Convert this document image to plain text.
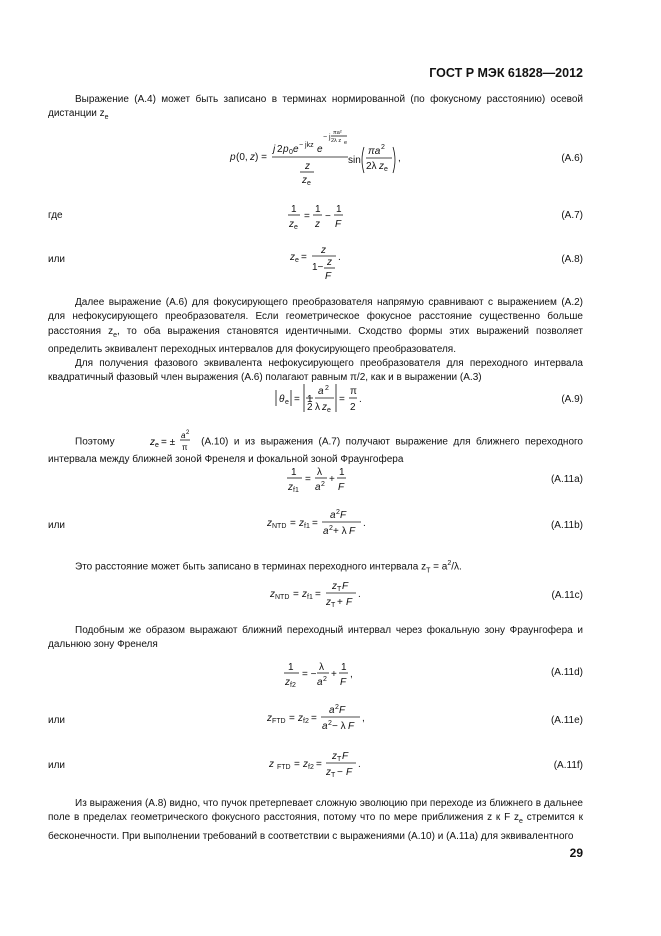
ГОСТ Р МЭК 61828—2012

Выражение (А.4) может быть записано в терминах нормированной (по фокусному расстоянию) осевой дистанции $z_e$

p (0, z ) =
j 2 p 0 e − jkz e
− j
πa²
2λ z e
z
z e
sin
πa 2
2λ z e
,	(А.6)
где
1
z e
=
1
z
−
1
F
(А.7)
или	z e =
z
1− z
F
.	(А.8)

Далее выражение (А.6) для фокусирующего преобразователя напрямую сравнивают с выражением (А.2) для нефокусирующего преобразователя. Если геометрическое фокусное расстояние существенно больше расстояния $z_e$, то оба выражения становятся идентичными. Сходство формы этих выражений позволяет определить эквивалент переходных интервалов для фокусирующего преобразователя.

Для получения фазового эквивалента нефокусирующего преобразователя для переходного интервала квадратичный фазовый член выражения (А.6) полагают равным π/2, как и в выражении (А.3)

θ e = 1
2
a 2
λ z e
=
π
2
.	(А.9)

Поэтому	z e = ±
a 2
π (А.10) и из выражения (А.7) получают выражение для ближнего переходного интервала между ближней зоной Френеля и фокальной зоной Фраунгофера

1
z f1
=
λ
a 2 +
1
F
(А.11a)
или	z NTD = z f1 =
a 2 F
a 2 + λ F
.	(А.11b)

Это расстояние может быть записано в терминах переходного интервала $z_T = a^2/\lambda$.

z NTD = z f1 =
z T F
z T + F
.	(А.11c)

Подобным же образом выражают ближний переходный интервал через фокальную зону Фраунгофера и дальнюю зону Френеля

1
z f2
= −
λ
a 2 +
1
F
,	(А.11d)
или	z FTD = z f2 =
a 2 F
a 2 − λ F
,	(А.11e)
или	z FTD = z f2 =
z T F
z T − F
.	(А.11f)

Из выражения (А.8) видно, что пучок претерпевает сложную эволюцию при переходе из ближнего в дальнее поле в пределах геометрического фокусного расстояния, потому что по мере приближения z к F $z_e$ стремится к бесконечности. При выполнении требований в соответствии с выражениями (А.10) и (А.11a) для эквивалентного

29
